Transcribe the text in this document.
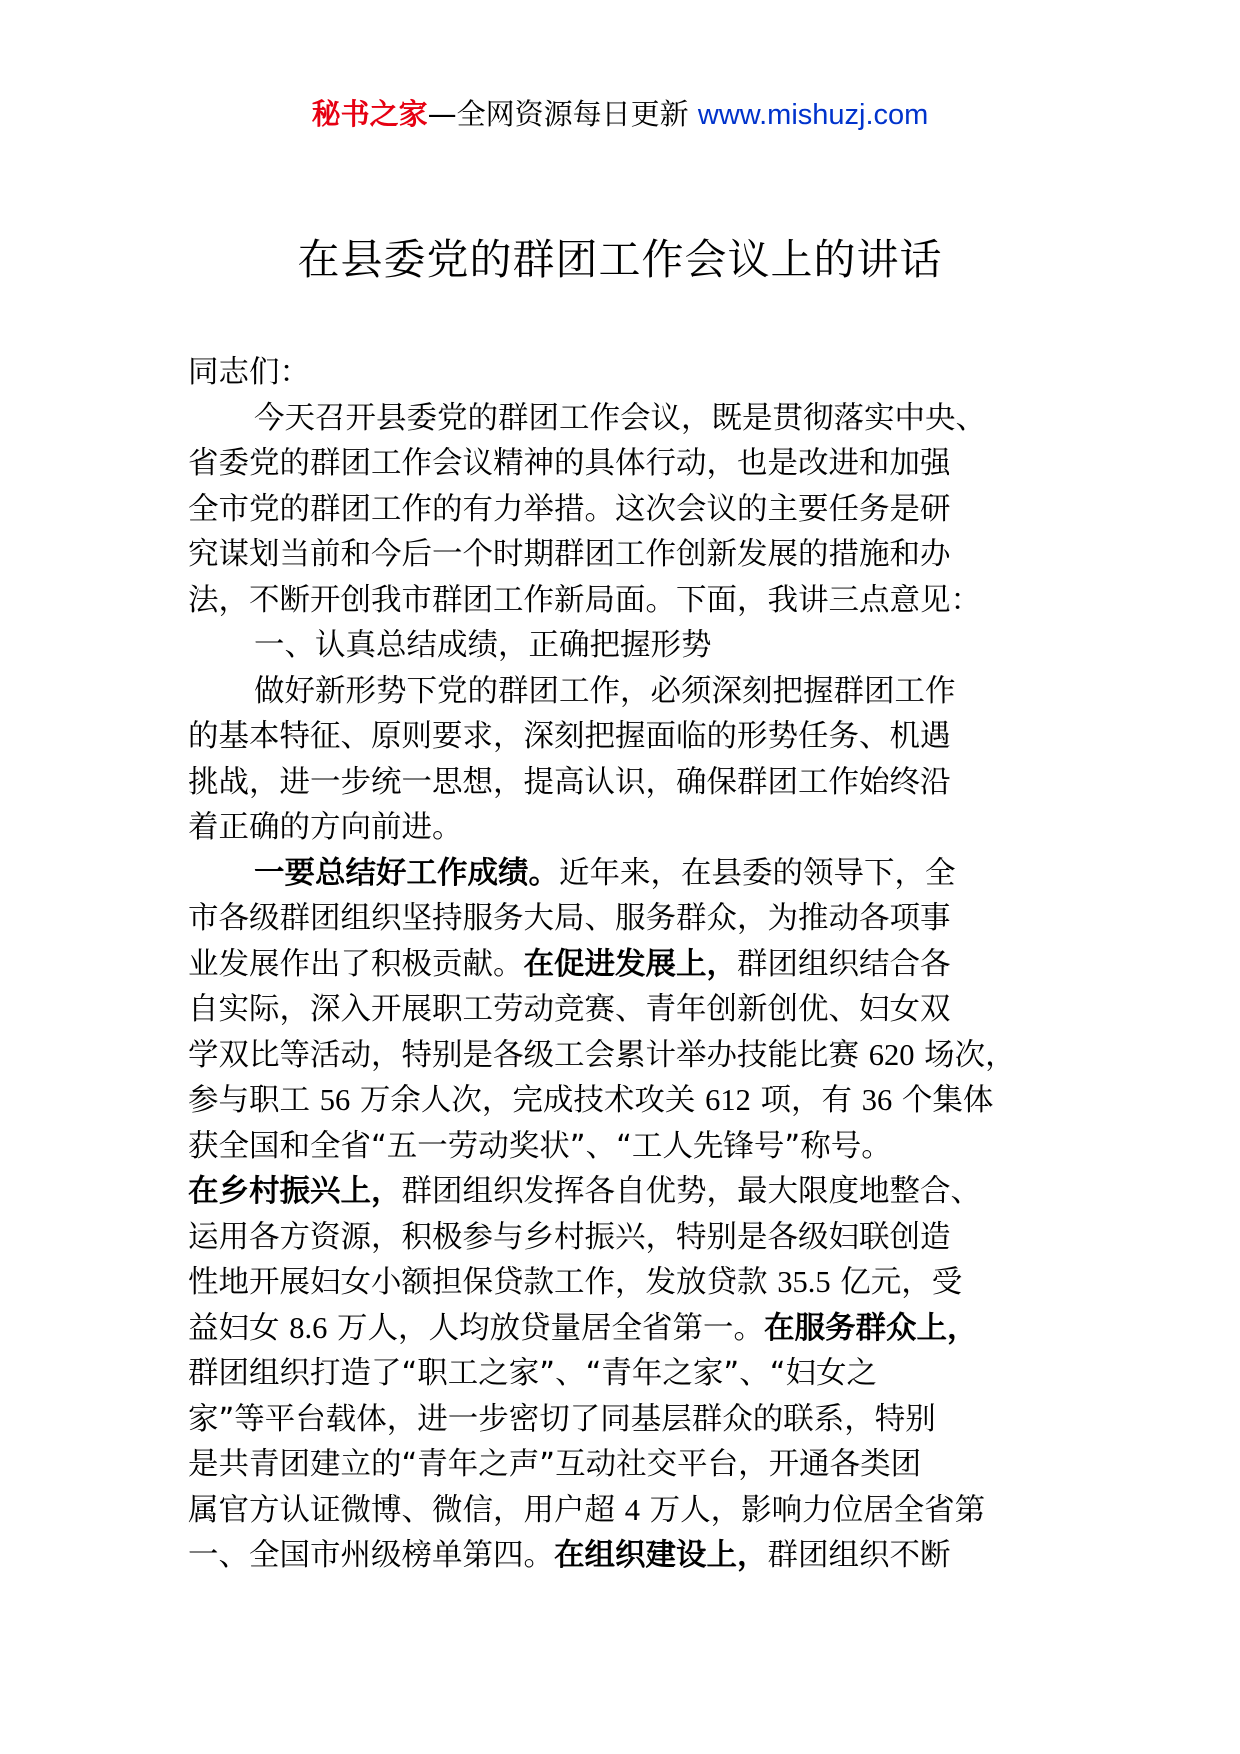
秘书之家—全网资源每日更新 www.mishuzj.com
在县委党的群团工作会议上的讲话
同志们：
今天召开县委党的群团工作会议，既是贯彻落实中央、
省委党的群团工作会议精神的具体行动，也是改进和加强
全市党的群团工作的有力举措。这次会议的主要任务是研
究谋划当前和今后一个时期群团工作创新发展的措施和办
法，不断开创我市群团工作新局面。下面，我讲三点意见：
一、认真总结成绩，正确把握形势
做好新形势下党的群团工作，必须深刻把握群团工作
的基本特征、原则要求，深刻把握面临的形势任务、机遇
挑战，进一步统一思想，提高认识，确保群团工作始终沿
着正确的方向前进。
一要总结好工作成绩。近年来，在县委的领导下，全
市各级群团组织坚持服务大局、服务群众，为推动各项事
业发展作出了积极贡献。在促进发展上，群团组织结合各
自实际，深入开展职工劳动竞赛、青年创新创优、妇女双
学双比等活动，特别是各级工会累计举办技能比赛 620 场次，
参与职工 56 万余人次，完成技术攻关 612 项，有 36 个集体
获全国和全省“五一劳动奖状”、“工人先锋号”称号。
在乡村振兴上，群团组织发挥各自优势，最大限度地整合、
运用各方资源，积极参与乡村振兴，特别是各级妇联创造
性地开展妇女小额担保贷款工作，发放贷款 35.5 亿元，受
益妇女 8.6 万人，人均放贷量居全省第一。在服务群众上，
群团组织打造了“职工之家”、“青年之家”、“妇女之
家”等平台载体，进一步密切了同基层群众的联系，特别
是共青团建立的“青年之声”互动社交平台，开通各类团
属官方认证微博、微信，用户超 4 万人，影响力位居全省第
一、全国市州级榜单第四。在组织建设上，群团组织不断
